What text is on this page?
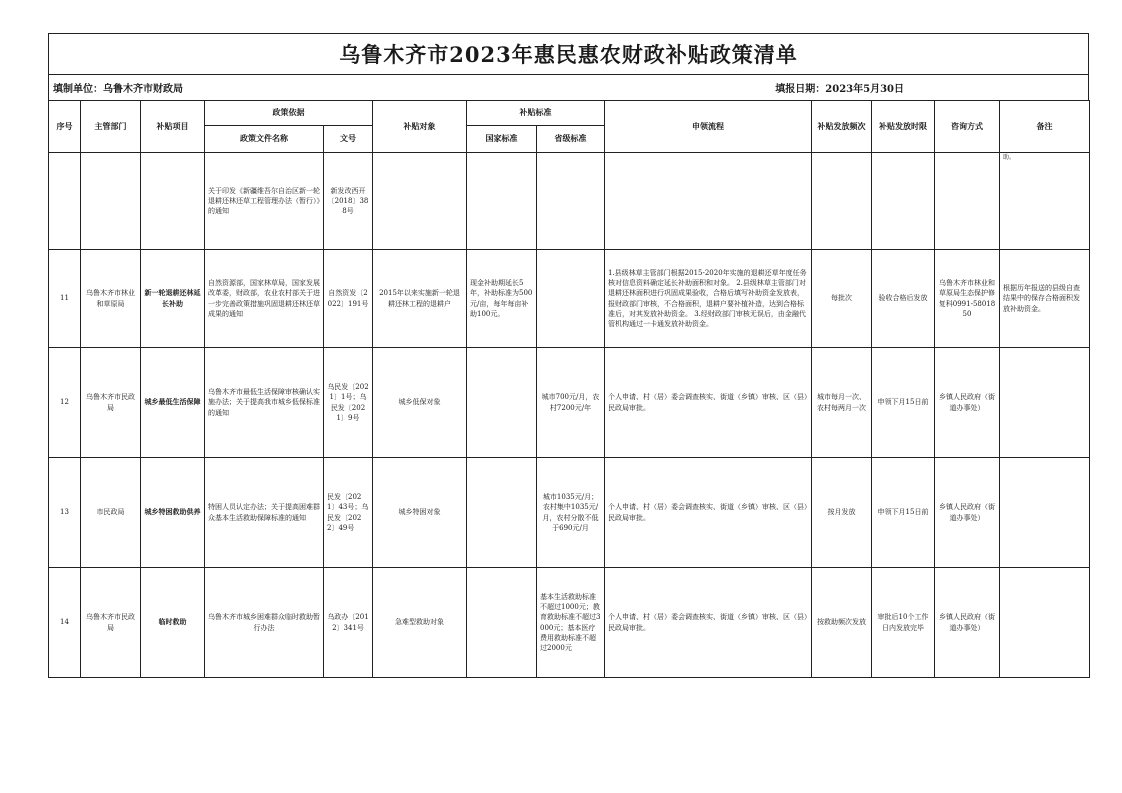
乌鲁木齐市2023年惠民惠农财政补贴政策清单
填制单位：乌鲁木齐市财政局	填报日期：2023年5月30日
序号	主管部门	补贴项目	政策依据		补贴对象	补贴标准		申领流程	补贴发放频次	补贴发放时限	咨询方式	备注
			政策文件名称	文号		国家标准	省级标准					
			关于印发《新疆维吾尔自治区新一轮退耕还林还草工程管理办法（暂行）》的通知	新发改西开〔2018〕388号								助。
11	乌鲁木齐市林业和草原局	新一轮退耕还林延长补助	自然资源部，国家林草局，国家发展改革委，财政部，农业农村部关于进一步完善政策措施巩固退耕还林还草成果的通知	自然资发〔2022〕191号	2015年以来实施新一轮退耕还林工程的退耕户	现金补助期延长5年，补助标准为500元/亩，每年每亩补助100元。		1.县级林草主管部门根据2015-2020年实施的退耕还草年度任务核对信息资料确定延长补助面积和对象。 2.县级林草主管部门对退耕还林面积进行巩固成果验收，合格后填写补助资金发放表，报财政部门审核，不合格面积，退耕户要补植补造，达到合格标准后，对其发放补助资金。 3.经财政部门审核无误后，由金融代管机构通过一卡通发放补助资金。	每批次	验收合格后发放	乌鲁木齐市林业和草原局生态保护修复科0991-5801850	根据历年报送的县级自查结果中的保存合格面积发放补助资金。
12	乌鲁木齐市民政局	城乡最低生活保障	乌鲁木齐市最低生活保障审核确认实施办法；关于提高我市城乡低保标准的通知	乌民发〔2021〕1号；乌民发〔2021〕9号	城乡低保对象		城市700元/月，农村7200元/年	个人申请、村（居）委会调查核实、街道（乡镇）审核、区（县）民政局审批。	城市每月一次、农村每两月一次	申领下月15日前	乡镇人民政府（街道办事处）	
13	市民政局	城乡特困救助供养	特困人员认定办法；关于提高困难群众基本生活救助保障标准的通知	民发〔2021〕43号；乌民发〔2022〕49号	城乡特困对象		城市1035元/月；农村集中1035元/月，农村分散不低于690元/月	个人申请、村（居）委会调查核实、街道（乡镇）审核、区（县）民政局审批。	按月发放	申领下月15日前	乡镇人民政府（街道办事处）	
14	乌鲁木齐市民政局	临时救助	乌鲁木齐市城乡困难群众临时救助暂行办法	乌政办〔2012〕341号	急难型救助对象		基本生活救助标准不超过1000元；教育救助标准不超过3000元；基本医疗费用救助标准不超过2000元	个人申请、村（居）委会调查核实、街道（乡镇）审核、区（县）民政局审批。	按救助频次发放	审批后10个工作日内发放完毕	乡镇人民政府（街道办事处）	
